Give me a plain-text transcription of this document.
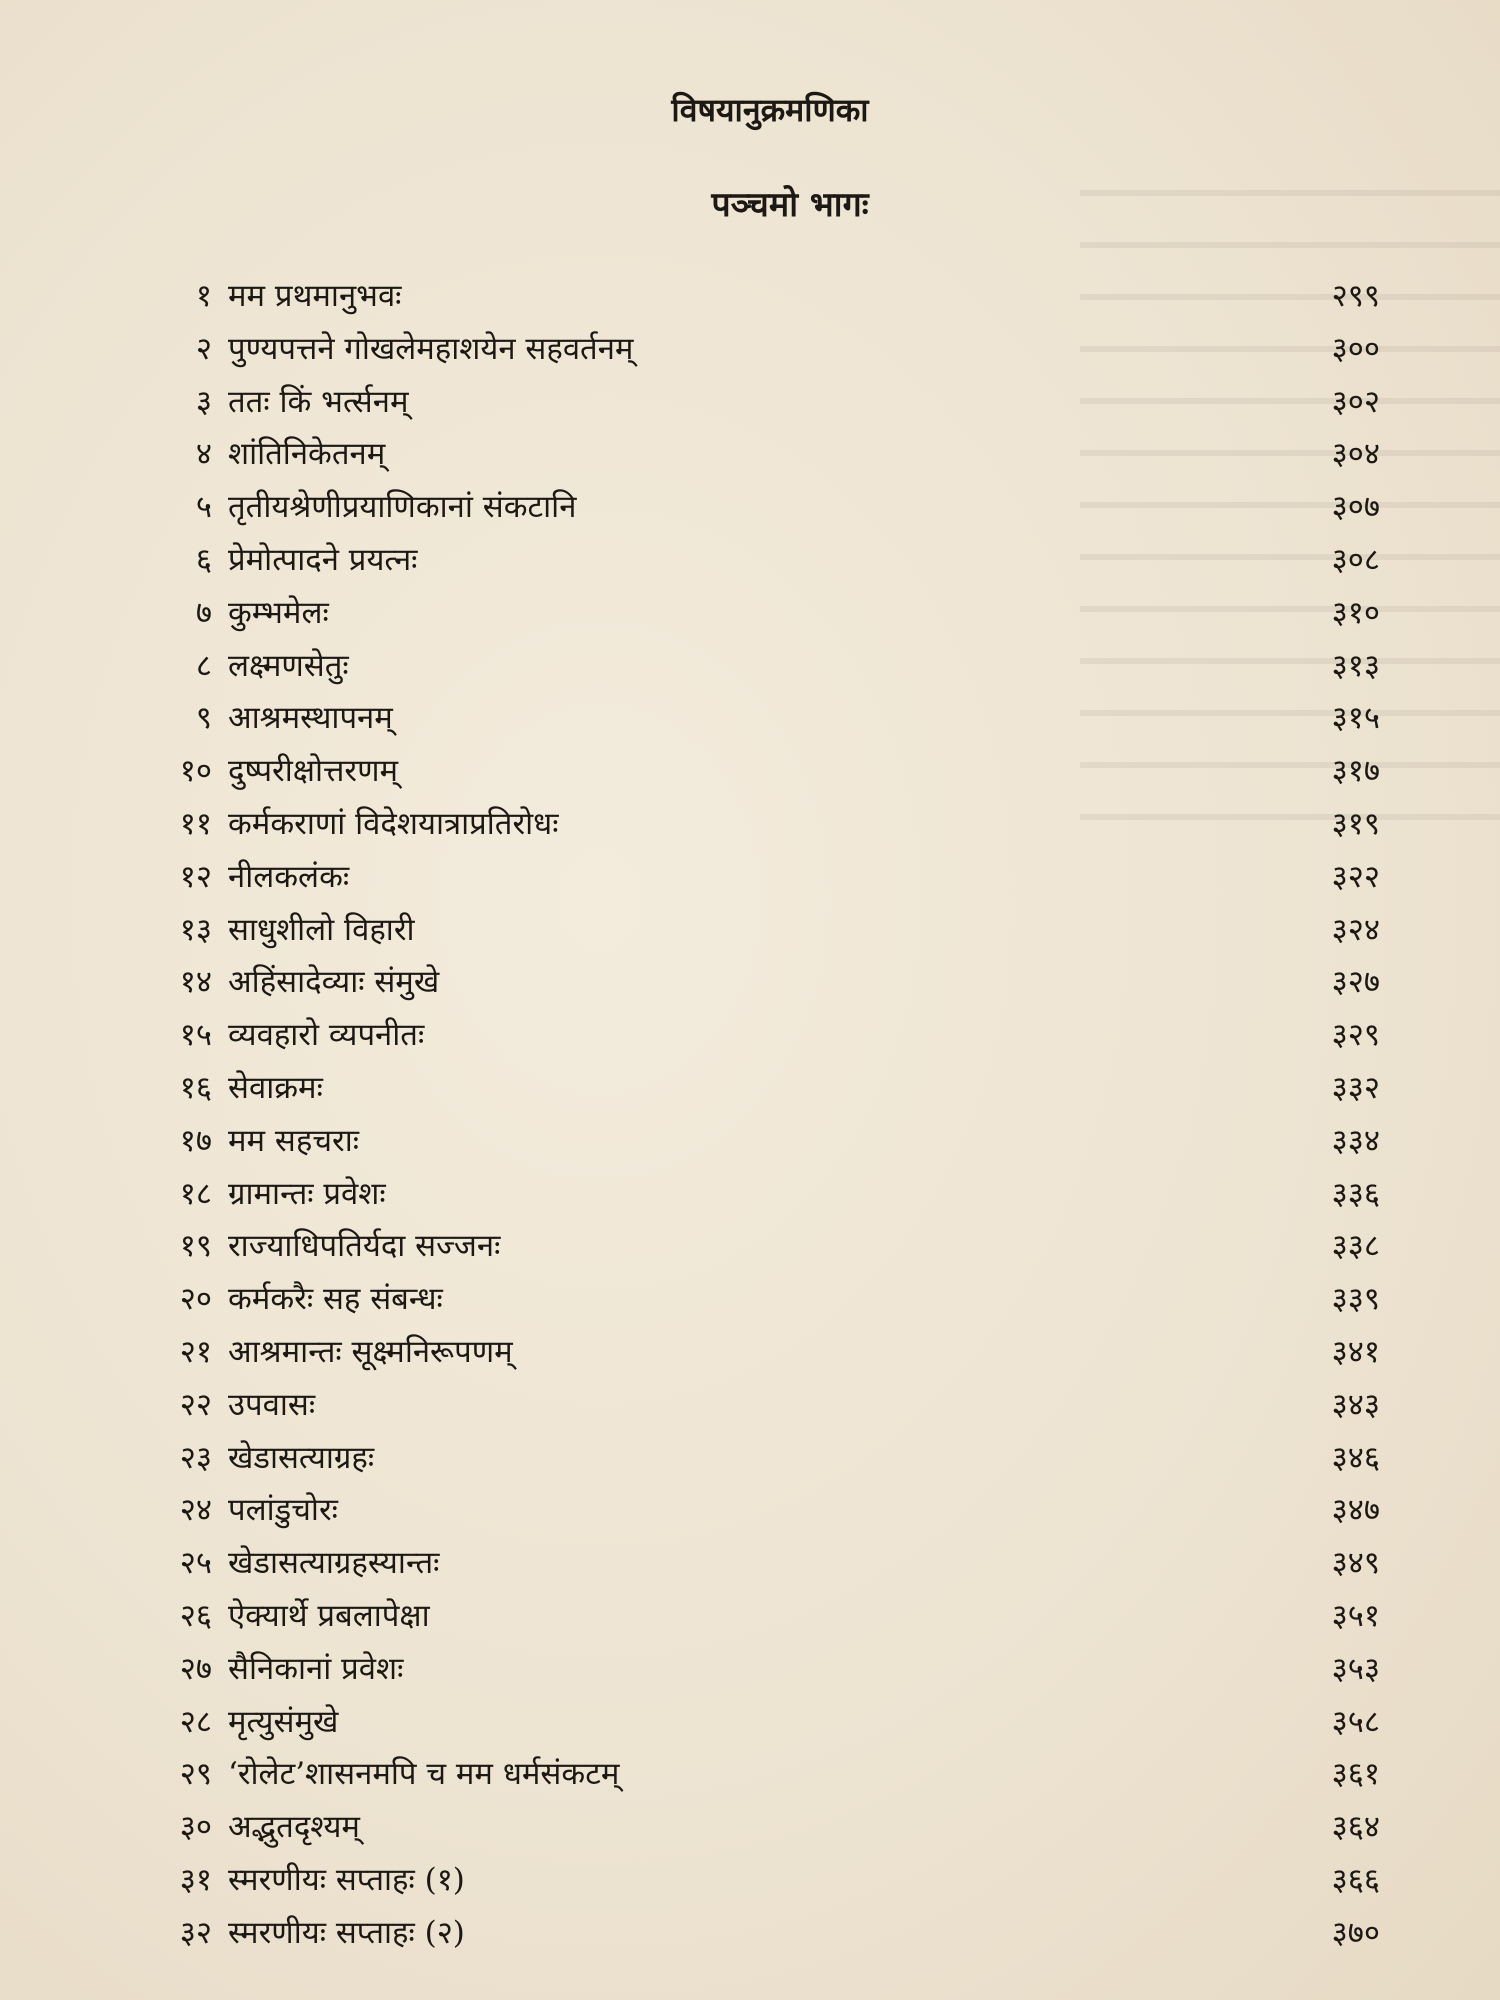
विषयानुक्रमणिका
पञ्चमो भागः
१ मम प्रथमानुभवः	२९९
२ पुण्यपत्तने गोखलेमहाशयेन सहवर्तनम्	३००
३ ततः किं भर्त्सनम्	३०२
४ शांतिनिकेतनम्	३०४
५ तृतीयश्रेणीप्रयाणिकानां संकटानि	३०७
६ प्रेमोत्पादने प्रयत्नः	३०८
७ कुम्भमेलः	३१०
८ लक्ष्मणसेतुः	३१३
९ आश्रमस्थापनम्	३१५
१० दुष्परीक्षोत्तरणम्	३१७
११ कर्मकराणां विदेशयात्राप्रतिरोधः	३१९
१२ नीलकलंकः	३२२
१३ साधुशीलो विहारी	३२४
१४ अहिंसादेव्याः संमुखे	३२७
१५ व्यवहारो व्यपनीतः	३२९
१६ सेवाक्रमः	३३२
१७ मम सहचराः	३३४
१८ ग्रामान्तः प्रवेशः	३३६
१९ राज्याधिपतिर्यदा सज्जनः	३३८
२० कर्मकरैः सह संबन्धः	३३९
२१ आश्रमान्तः सूक्ष्मनिरूपणम्	३४१
२२ उपवासः	३४३
२३ खेडासत्याग्रहः	३४६
२४ पलांडुचोरः	३४७
२५ खेडासत्याग्रहस्यान्तः	३४९
२६ ऐक्यार्थे प्रबलापेक्षा	३५१
२७ सैनिकानां प्रवेशः	३५३
२८ मृत्युसंमुखे	३५८
२९ ‘रोलेट’शासनमपि च मम धर्मसंकटम्	३६१
३० अद्भुतदृश्यम्	३६४
३१ स्मरणीयः सप्ताहः (१)	३६६
३२ स्मरणीयः सप्ताहः (२)	३७०
